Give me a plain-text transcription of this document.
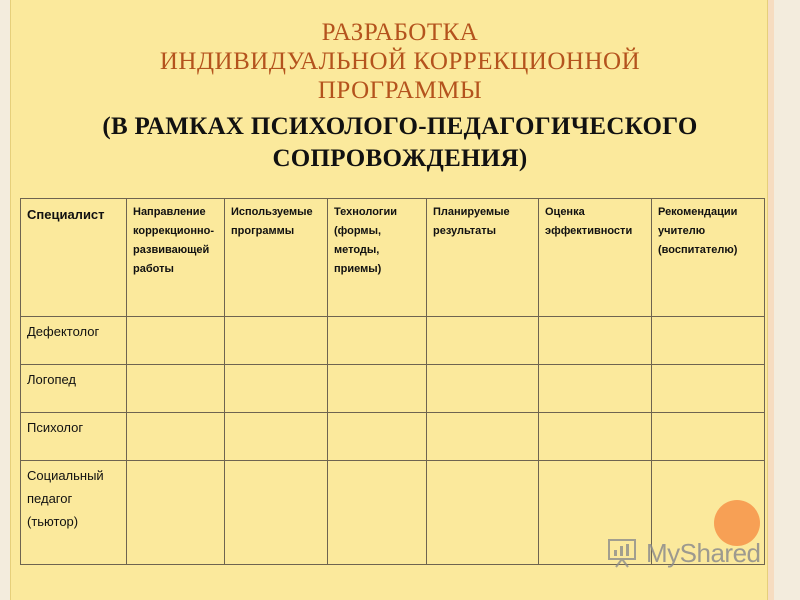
РАЗРАБОТКА
ИНДИВИДУАЛЬНОЙ КОРРЕКЦИОННОЙ
ПРОГРАММЫ
(В РАМКАХ ПСИХОЛОГО-ПЕДАГОГИЧЕСКОГО
СОПРОВОЖДЕНИЯ)
Специалист	Направление коррекционно-развивающей работы	Используемые программы	Технологии (формы, методы, приемы)	Планируемые результаты	Оценка эффективности	Рекомендации учителю (воспитателю)
Дефектолог						
Логопед						
Психолог						
Социальный педагог (тьютор)						
MyShared
